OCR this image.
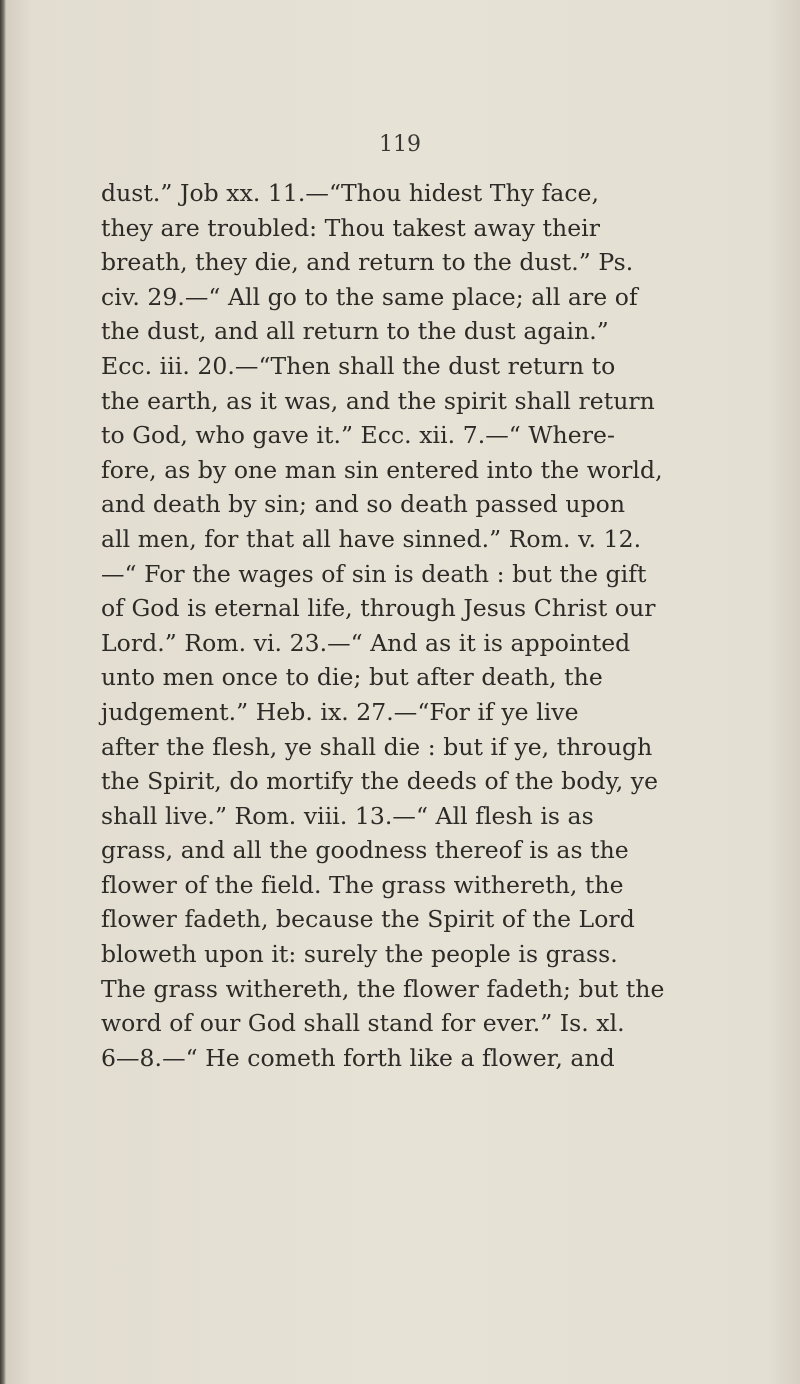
119
dust.” Job xx. 11.—“Thou hidest Thy face,
they are troubled: Thou takest away their
breath, they die, and return to the dust.” Ps.
civ. 29.—“ All go to the same place; all are of
the dust, and all return to the dust again.”
Ecc. iii. 20.—“Then shall the dust return to
the earth, as it was, and the spirit shall return
to God, who gave it.” Ecc. xii. 7.—“ Where-
fore, as by one man sin entered into the world,
and death by sin; and so death passed upon
all men, for that all have sinned.” Rom. v. 12.
—“ For the wages of sin is death : but the gift
of God is eternal life, through Jesus Christ our
Lord.” Rom. vi. 23.—“ And as it is appointed
unto men once to die; but after death, the
judgement.” Heb. ix. 27.—“For if ye live
after the flesh, ye shall die : but if ye, through
the Spirit, do mortify the deeds of the body, ye
shall live.” Rom. viii. 13.—“ All flesh is as
grass, and all the goodness thereof is as the
flower of the field. The grass withereth, the
flower fadeth, because the Spirit of the Lord
bloweth upon it: surely the people is grass.
The grass withereth, the flower fadeth; but the
word of our God shall stand for ever.” Is. xl.
6—8.—“ He cometh forth like a flower, and
